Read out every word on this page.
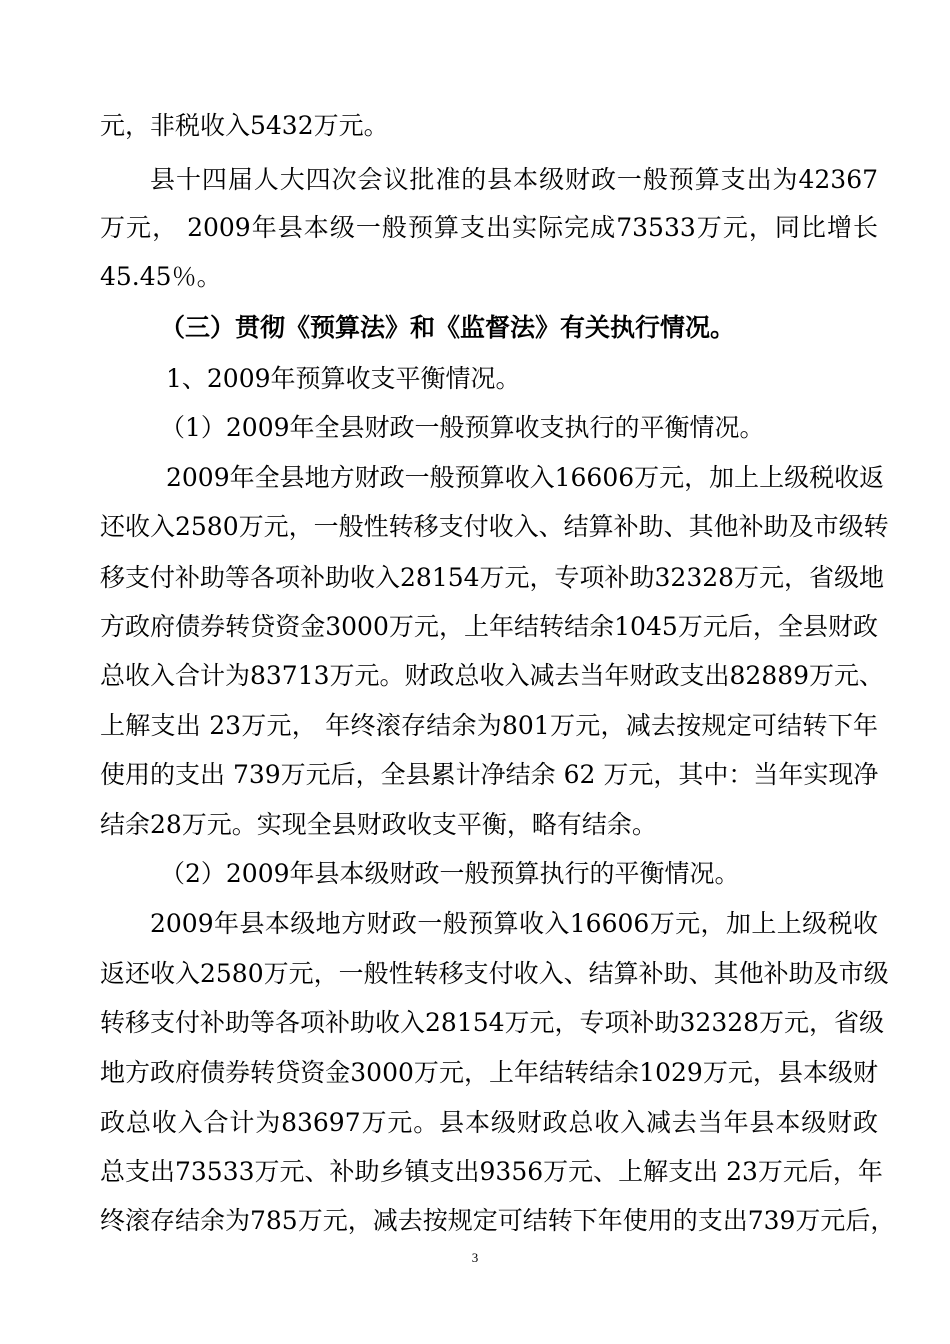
元，非税收入5432万元。
县十四届人大四次会议批准的县本级财政一般预算支出为42367
万元， 2009年县本级一般预算支出实际完成73533万元，同比增长
45.45％。
（三）贯彻《预算法》和《监督法》有关执行情况。
1、2009年预算收支平衡情况。
（1）2009年全县财政一般预算收支执行的平衡情况。
2009年全县地方财政一般预算收入16606万元，加上上级税收返
还收入2580万元，一般性转移支付收入、结算补助、其他补助及市级转
移支付补助等各项补助收入28154万元，专项补助32328万元，省级地
方政府债券转贷资金3000万元，上年结转结余1045万元后，全县财政
总收入合计为83713万元。财政总收入减去当年财政支出82889万元、
上解支出 23万元， 年终滚存结余为801万元，减去按规定可结转下年
使用的支出 739万元后，全县累计净结余 62 万元，其中：当年实现净
结余28万元。实现全县财政收支平衡，略有结余。
（2）2009年县本级财政一般预算执行的平衡情况。
2009年县本级地方财政一般预算收入16606万元，加上上级税收
返还收入2580万元，一般性转移支付收入、结算补助、其他补助及市级
转移支付补助等各项补助收入28154万元，专项补助32328万元，省级
地方政府债券转贷资金3000万元，上年结转结余1029万元，县本级财
政总收入合计为83697万元。县本级财政总收入减去当年县本级财政
总支出73533万元、补助乡镇支出9356万元、上解支出 23万元后，年
终滚存结余为785万元，减去按规定可结转下年使用的支出739万元后，
3
